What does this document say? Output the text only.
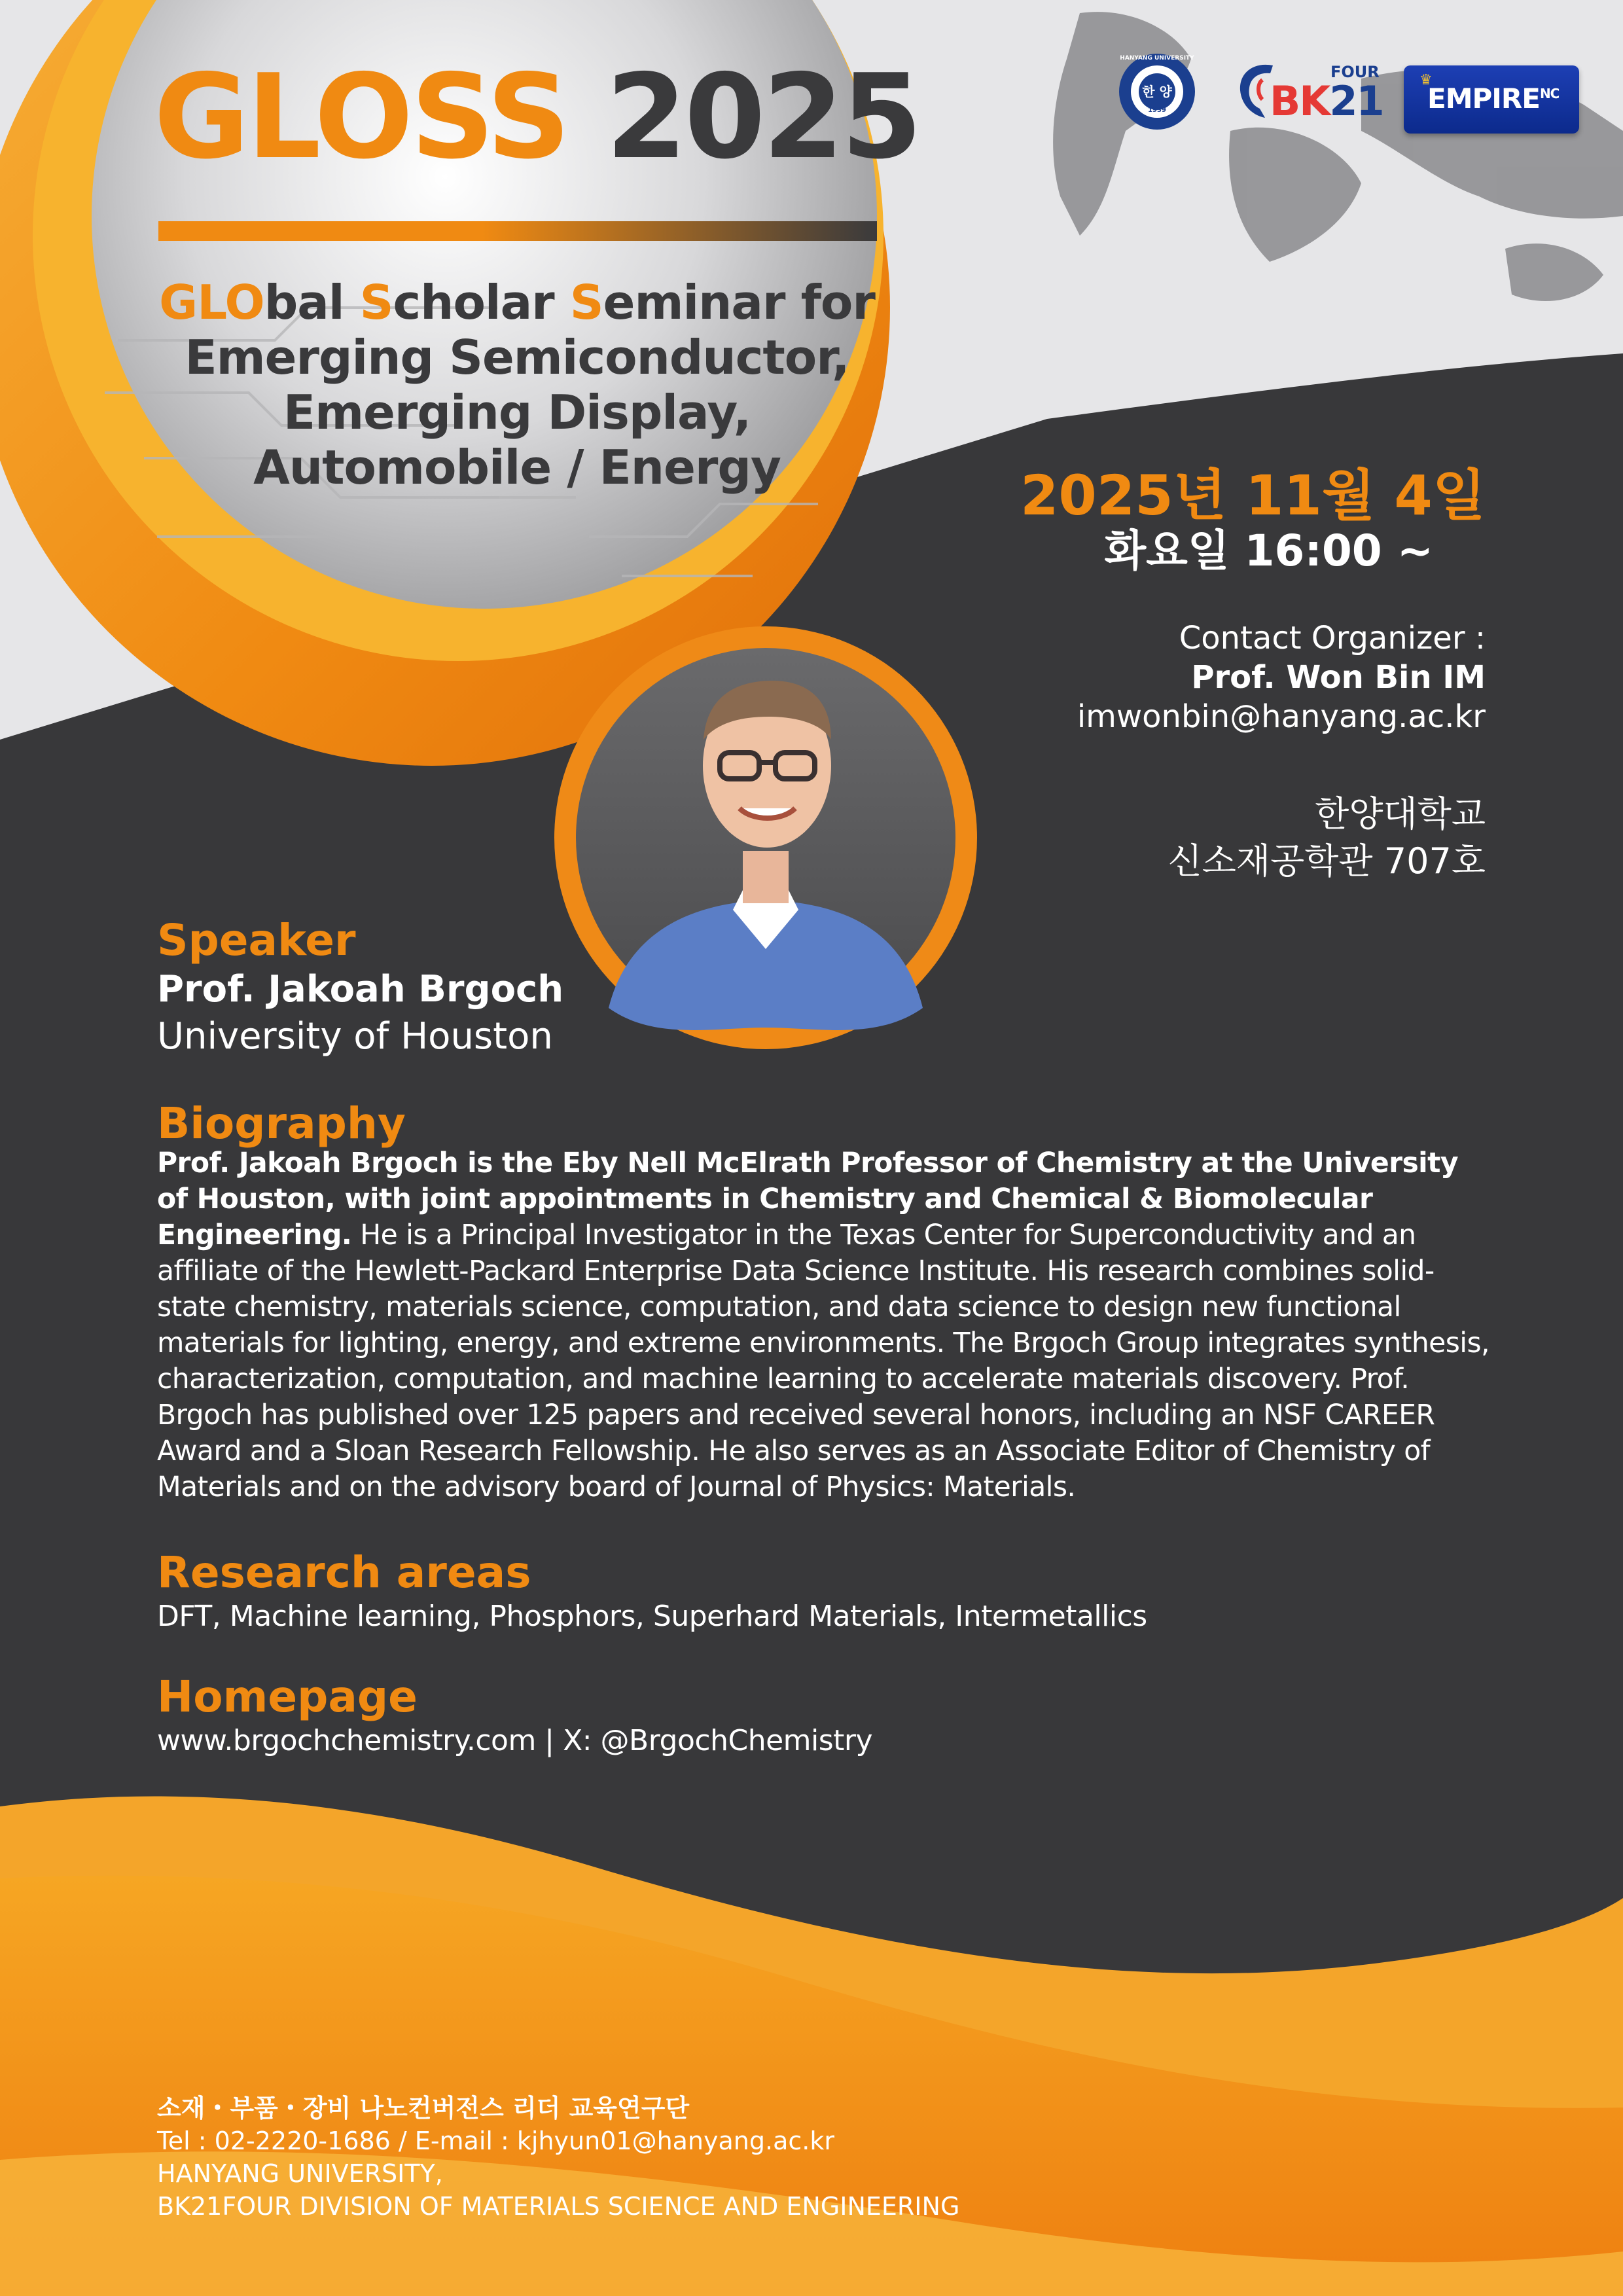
GLOSS 2025
GLObal Scholar Seminar for
Emerging Semiconductor,
Emerging Display,
Automobile / Energy
한 양
1939
HANYANG UNIVERSITY
FOUR
BK21	♛
$EMPIRE^{NC}$
2025년 11월 4일
화요일 16:00 ~
Contact Organizer :
Prof. Won Bin IM
imwonbin@hanyang.ac.kr
한양대학교
신소재공학관 707호
Speaker
Prof. Jakoah Brgoch
University of Houston
Biography
Prof. Jakoah Brgoch is the Eby Nell McElrath Professor of Chemistry at the University of Houston, with joint appointments in Chemistry and Chemical & Biomolecular Engineering. He is a Principal Investigator in the Texas Center for Superconductivity and an affiliate of the Hewlett-Packard Enterprise Data Science Institute. His research combines solid-state chemistry, materials science, computation, and data science to design new functional materials for lighting, energy, and extreme environments. The Brgoch Group integrates synthesis, characterization, computation, and machine learning to accelerate materials discovery. Prof. Brgoch has published over 125 papers and received several honors, including an NSF CAREER Award and a Sloan Research Fellowship. He also serves as an Associate Editor of Chemistry of Materials and on the advisory board of Journal of Physics: Materials.
Research areas
DFT, Machine learning, Phosphors, Superhard Materials, Intermetallics
Homepage
www.brgochchemistry.com | X: @BrgochChemistry
소재・부품・장비 나노컨버전스 리더 교육연구단
Tel : 02-2220-1686 / E-mail : kjhyun01@hanyang.ac.kr
HANYANG UNIVERSITY,
BK21FOUR DIVISION OF MATERIALS SCIENCE AND ENGINEERING
